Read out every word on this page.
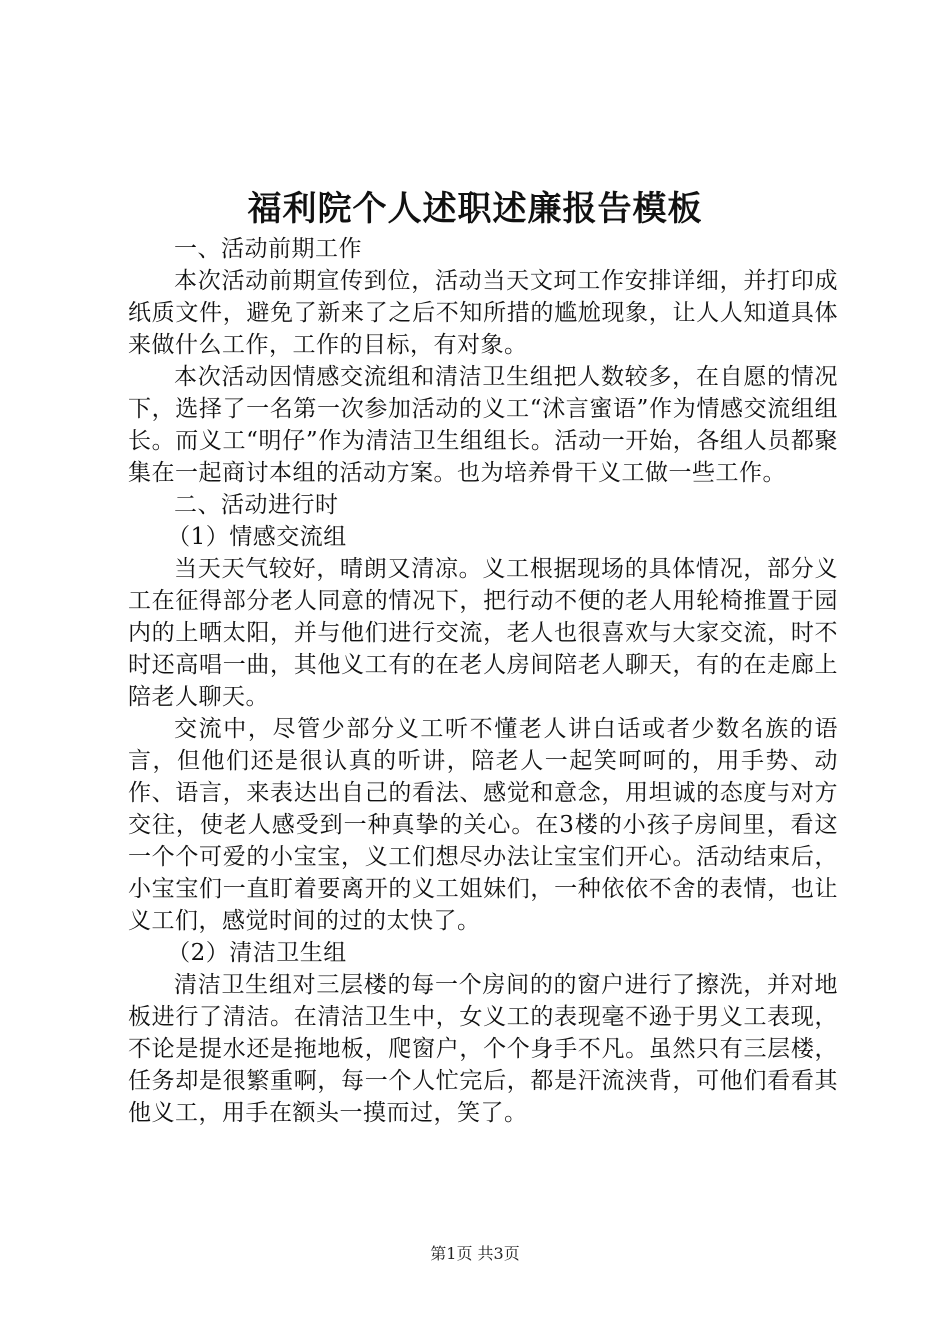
福利院个人述职述廉报告模板

一、活动前期工作

本次活动前期宣传到位，活动当天文珂工作安排详细，并打印成纸质文件，避免了新来了之后不知所措的尴尬现象，让人人知道具体来做什么工作，工作的目标，有对象。

本次活动因情感交流组和清洁卫生组把人数较多，在自愿的情况下，选择了一名第一次参加活动的义工“沭言蜜语”作为情感交流组组长。而义工“明仔”作为清洁卫生组组长。活动一开始，各组人员都聚集在一起商讨本组的活动方案。也为培养骨干义工做一些工作。

二、活动进行时

（1）情感交流组

当天天气较好，晴朗又清凉。义工根据现场的具体情况，部分义工在征得部分老人同意的情况下，把行动不便的老人用轮椅推置于园内的上晒太阳，并与他们进行交流，老人也很喜欢与大家交流，时不时还高唱一曲，其他义工有的在老人房间陪老人聊天，有的在走廊上陪老人聊天。

交流中，尽管少部分义工听不懂老人讲白话或者少数名族的语言，但他们还是很认真的听讲，陪老人一起笑呵呵的，用手势、动作、语言，来表达出自己的看法、感觉和意念，用坦诚的态度与对方交往，使老人感受到一种真挚的关心。在3楼的小孩子房间里，看这一个个可爱的小宝宝，义工们想尽办法让宝宝们开心。活动结束后，小宝宝们一直盯着要离开的义工姐妹们，一种依依不舍的表情，也让义工们，感觉时间的过的太快了。

（2）清洁卫生组

清洁卫生组对三层楼的每一个房间的的窗户进行了擦洗，并对地板进行了清洁。在清洁卫生中，女义工的表现毫不逊于男义工表现，不论是提水还是拖地板，爬窗户，个个身手不凡。虽然只有三层楼，任务却是很繁重啊，每一个人忙完后，都是汗流浃背，可他们看看其他义工，用手在额头一摸而过，笑了。

第1页 共3页
